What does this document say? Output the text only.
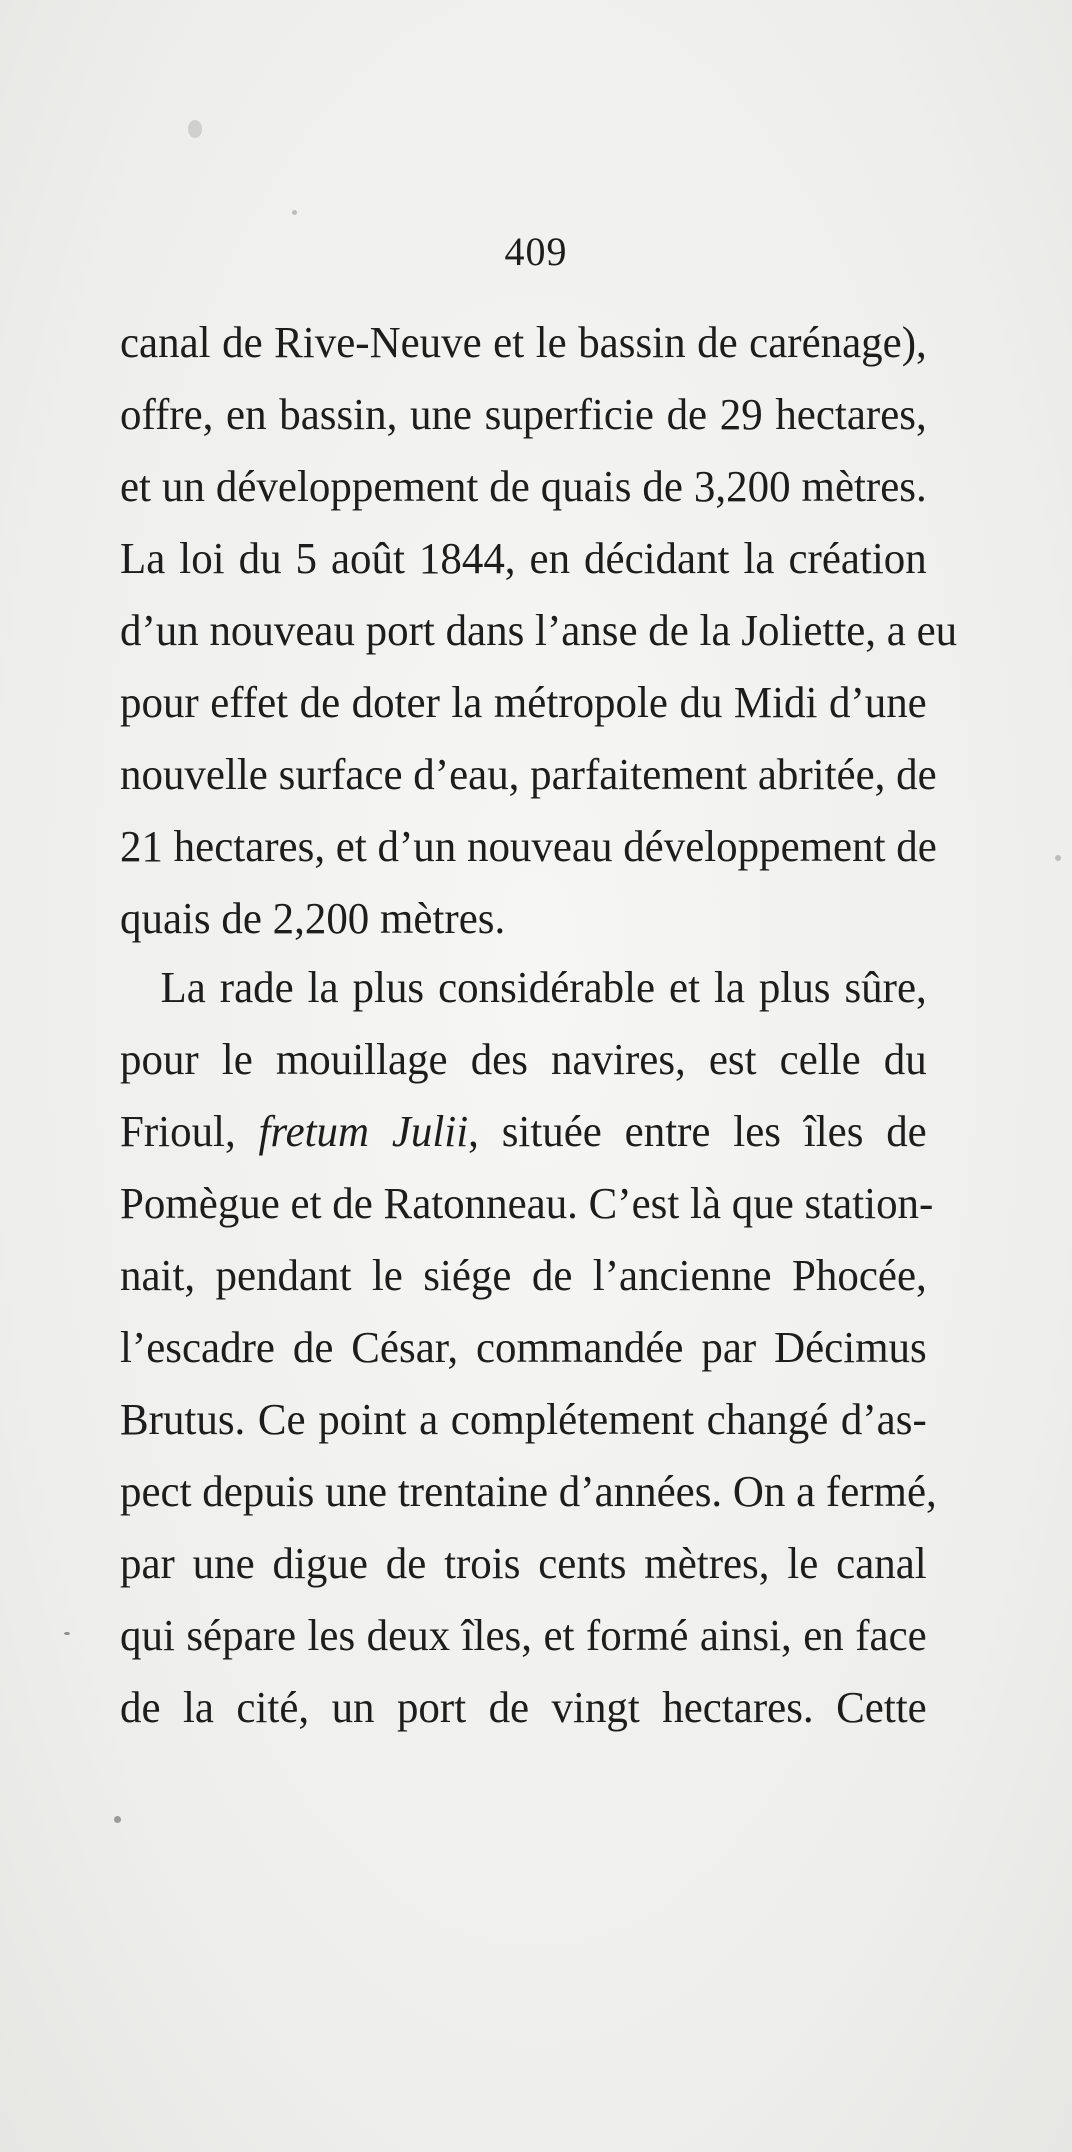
409
canal de Rive-Neuve et le bassin de carénage),
offre, en bassin, une superficie de 29 hectares,
et un développement de quais de 3,200 mètres.
La loi du 5 août 1844, en décidant la création
d’un nouveau port dans l’anse de la Joliette, a eu
pour effet de doter la métropole du Midi d’une
nouvelle surface d’eau, parfaitement abritée, de
21 hectares, et d’un nouveau développement de
quais de 2,200 mètres.
La rade la plus considérable et la plus sûre,
pour le mouillage des navires, est celle du
Frioul, fretum Julii, située entre les îles de
Pomègue et de Ratonneau. C’est là que station-
nait, pendant le siége de l’ancienne Phocée,
l’escadre de César, commandée par Décimus
Brutus. Ce point a complétement changé d’as-
pect depuis une trentaine d’années. On a fermé,
par une digue de trois cents mètres, le canal
qui sépare les deux îles, et formé ainsi, en face
de la cité, un port de vingt hectares. Cette
